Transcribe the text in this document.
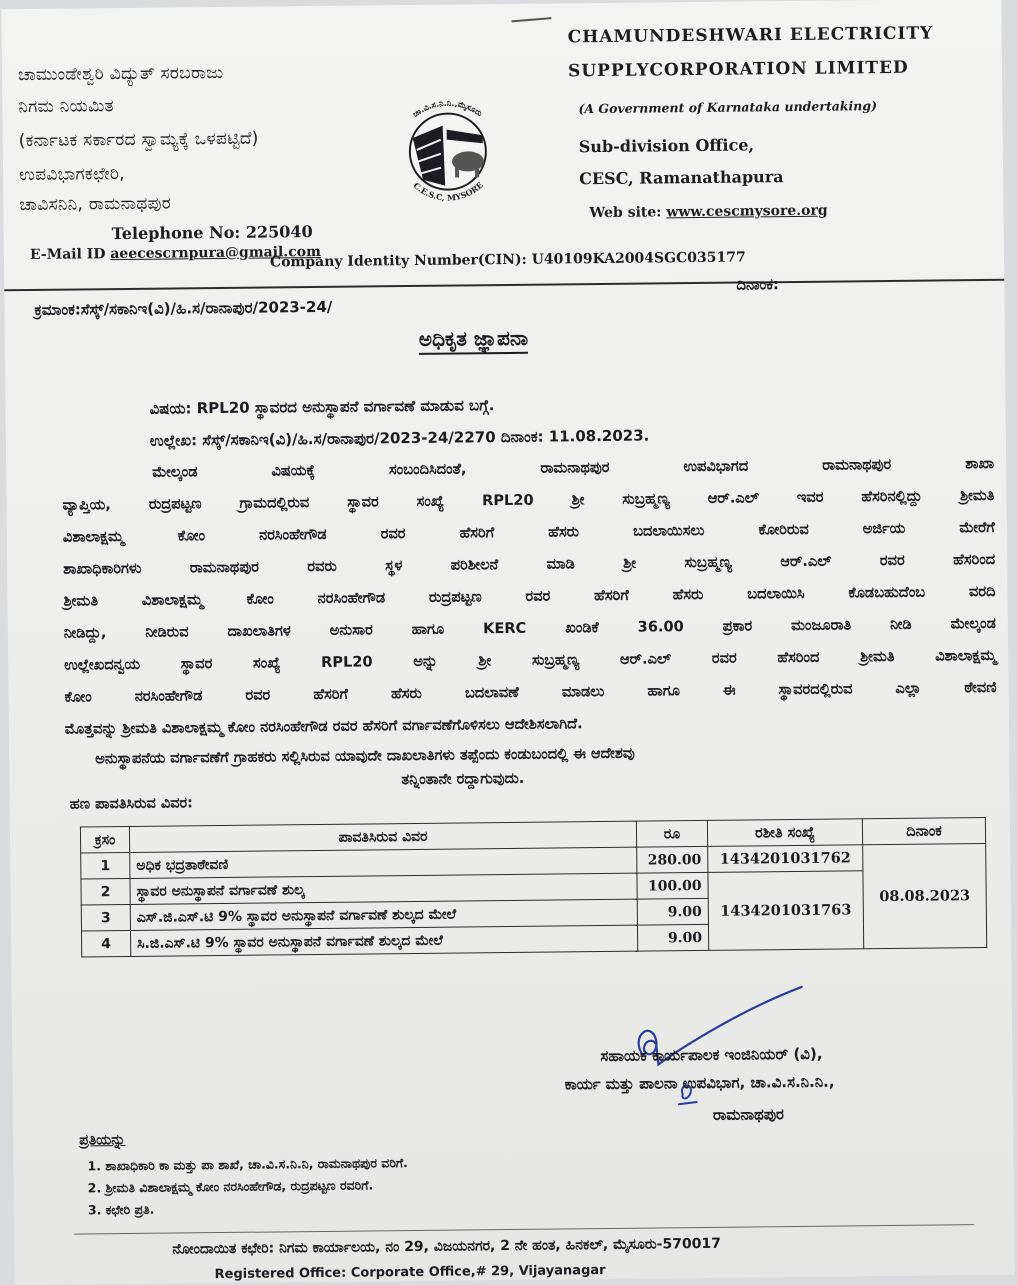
ಚಾಮುಂಡೇಶ್ವರಿ ವಿದ್ಯುತ್ ಸರಬರಾಜು
ನಿಗಮ ನಿಯಮಿತ
(ಕರ್ನಾಟಕ ಸರ್ಕಾರದ ಸ್ವಾಮ್ಯಕ್ಕೆ ಒಳಪಟ್ಟಿದೆ)
ಉಪವಿಭಾಗಕಛೇರಿ,
ಚಾವಿಸನಿನಿ, ರಾಮನಾಥಪುರ
CHAMUNDESHWARI ELECTRICITY
SUPPLYCORPORATION LIMITED
(A Government of Karnataka undertaking)
Sub-division Office,
CESC, Ramanathapura
Web site: www.cescmysore.org
ಚಾ.ವಿ.ಸ.ನಿ.ನಿ.,ಮೈಸೂರು
C.E.S.C, MYSORE
Telephone No: 225040
E-Mail ID aeecescrnpura@gmail.com
Company Identity Number(CIN): U40109KA2004SGC035177
ಕ್ರಮಾಂಕ:ಸೆಸ್ಕ್/ಸಕಾನಿಇ(ವಿ)/ಹಿ.ಸ/ರಾನಾಪುರ/2023-24/
ದಿನಾಂಕ:
ಅಧಿಕೃತ ಜ್ಞಾಪನಾ
ವಿಷಯ: RPL20 ಸ್ಥಾವರದ ಅನುಸ್ಥಾಪನೆ ವರ್ಗಾವಣೆ ಮಾಡುವ ಬಗ್ಗೆ.
ಉಲ್ಲೇಖ: ಸೆಸ್ಕ್/ಸಕಾನಿಇ(ವಿ)/ಹಿ.ಸ/ರಾನಾಪುರ/2023-24/2270 ದಿನಾಂಕ: 11.08.2023.
ಮೇಲ್ಕಂಡ ವಿಷಯಕ್ಕೆ ಸಂಬಂದಿಸಿದಂತೆ, ರಾಮನಾಥಪುರ ಉಪವಿಭಾಗದ ರಾಮನಾಥಪುರ ಶಾಖಾ
ವ್ಯಾಪ್ತಿಯ, ರುದ್ರಪಟ್ಟಣ ಗ್ರಾಮದಲ್ಲಿರುವ ಸ್ಥಾವರ ಸಂಖ್ಯೆ RPL20 ಶ್ರೀ ಸುಬ್ರಹ್ಮಣ್ಯ ಆರ್.ಎಲ್ ಇವರ ಹೆಸರಿನಲ್ಲಿದ್ದು ಶ್ರೀಮತಿ
ವಿಶಾಲಾಕ್ಷಮ್ಮ ಕೋಂ ನರಸಿಂಹೇಗೌಡ ರವರ ಹೆಸರಿಗೆ ಹೆಸರು ಬದಲಾಯಿಸಲು ಕೋರಿರುವ ಅರ್ಜಿಯ ಮೇರೆಗೆ
ಶಾಖಾಧಿಕಾರಿಗಳು ರಾಮನಾಥಪುರ ರವರು ಸ್ಥಳ ಪರಿಶೀಲನೆ ಮಾಡಿ ಶ್ರೀ ಸುಬ್ರಹ್ಮಣ್ಯ ಆರ್.ಎಲ್ ರವರ ಹೆಸರಿಂದ
ಶ್ರೀಮತಿ ವಿಶಾಲಾಕ್ಷಮ್ಮ ಕೋಂ ನರಸಿಂಹೇಗೌಡ ರುದ್ರಪಟ್ಟಣ ರವರ ಹೆಸರಿಗೆ ಹೆಸರು ಬದಲಾಯಿಸಿ ಕೊಡಬಹುದೆಂಬ ವರದಿ
ನೀಡಿದ್ದು, ನೀಡಿರುವ ದಾಖಲಾತಿಗಳ ಅನುಸಾರ ಹಾಗೂ KERC ಖಂಡಿಕೆ 36.00 ಪ್ರಕಾರ ಮಂಜೂರಾತಿ ನೀಡಿ ಮೇಲ್ಕಂಡ
ಉಲ್ಲೇಖದನ್ವಯ ಸ್ಥಾವರ ಸಂಖ್ಯೆ RPL20 ಅನ್ನು ಶ್ರೀ ಸುಬ್ರಹ್ಮಣ್ಯ ಆರ್.ಎಲ್ ರವರ ಹೆಸರಿಂದ ಶ್ರೀಮತಿ ವಿಶಾಲಾಕ್ಷಮ್ಮ
ಕೋಂ ನರಸಿಂಹೇಗೌಡ ರವರ ಹೆಸರಿಗೆ ಹೆಸರು ಬದಲಾವಣೆ ಮಾಡಲು ಹಾಗೂ ಈ ಸ್ಥಾವರದಲ್ಲಿರುವ ಎಲ್ಲಾ ಠೇವಣಿ
ಮೊತ್ತವನ್ನು ಶ್ರೀಮತಿ ವಿಶಾಲಾಕ್ಷಮ್ಮ ಕೋಂ ನರಸಿಂಹೇಗೌಡ ರವರ ಹೆಸರಿಗೆ ವರ್ಗಾವಣೆಗೊಳಿಸಲು ಆದೇಶಿಸಲಾಗಿದೆ.
ಅನುಸ್ಥಾಪನೆಯ ವರ್ಗಾವಣೆಗೆ ಗ್ರಾಹಕರು ಸಲ್ಲಿಸಿರುವ ಯಾವುದೇ ದಾಖಲಾತಿಗಳು ತಪ್ಪೆಂದು ಕಂಡುಬಂದಲ್ಲಿ ಈ ಆದೇಶವು
ತನ್ನಿಂತಾನೇ ರದ್ದಾಗುವುದು.
ಹಣ ಪಾವತಿಸಿರುವ ವಿವರ:
ಕ್ರಸಂ	ಪಾವತಿಸಿರುವ ವಿವರ	ರೂ	ರಶೀತಿ ಸಂಖ್ಯೆ	ದಿನಾಂಕ
1	ಅಧಿಕ ಭದ್ರತಾಠೇವಣಿ	280.00	1434201031762	08.08.2023
2	ಸ್ಥಾವರ ಅನುಸ್ಥಾಪನೆ ವರ್ಗಾವಣೆ ಶುಲ್ಕ	100.00	1434201031763	
3	ಎಸ್.ಜಿ.ಎಸ್.ಟಿ 9% ಸ್ಥಾವರ ಅನುಸ್ಥಾಪನೆ ವರ್ಗಾವಣೆ ಶುಲ್ಕದ ಮೇಲೆ	9.00		
4	ಸಿ.ಜಿ.ಎಸ್.ಟಿ 9% ಸ್ಥಾವರ ಅನುಸ್ಥಾಪನೆ ವರ್ಗಾವಣೆ ಶುಲ್ಕದ ಮೇಲೆ	9.00		
ಸಹಾಯಕ ಕಾರ್ಯಪಾಲಕ ಇಂಜಿನಿಯರ್ (ವಿ),
ಕಾರ್ಯ ಮತ್ತು ಪಾಲನಾ ಉಪವಿಭಾಗ, ಚಾ.ವಿ.ಸ.ನಿ.ನಿ.,
ರಾಮನಾಥಪುರ
ಪ್ರತಿಯನ್ನು
1. ಶಾಖಾಧಿಕಾರಿ ಕಾ ಮತ್ತು ಪಾ ಶಾಖೆ, ಚಾ.ವಿ.ಸ.ನಿ.ನಿ, ರಾಮನಾಥಪುರ ವರಿಗೆ.
2. ಶ್ರೀಮತಿ ವಿಶಾಲಾಕ್ಷಮ್ಮ ಕೋಂ ನರಸಿಂಹೇಗೌಡ, ರುದ್ರಪಟ್ಟಣ ರವರಿಗೆ.
3. ಕಛೇರಿ ಪ್ರತಿ.
ನೋಂದಾಯಿತ ಕಛೇರಿ: ನಿಗಮ ಕಾರ್ಯಾಲಯ, ನಂ 29, ವಿಜಯನಗರ, 2 ನೇ ಹಂತ, ಹಿನಕಲ್, ಮೈಸೂರು-570017
Registered Office: Corporate Office,# 29, Vijayanagar
